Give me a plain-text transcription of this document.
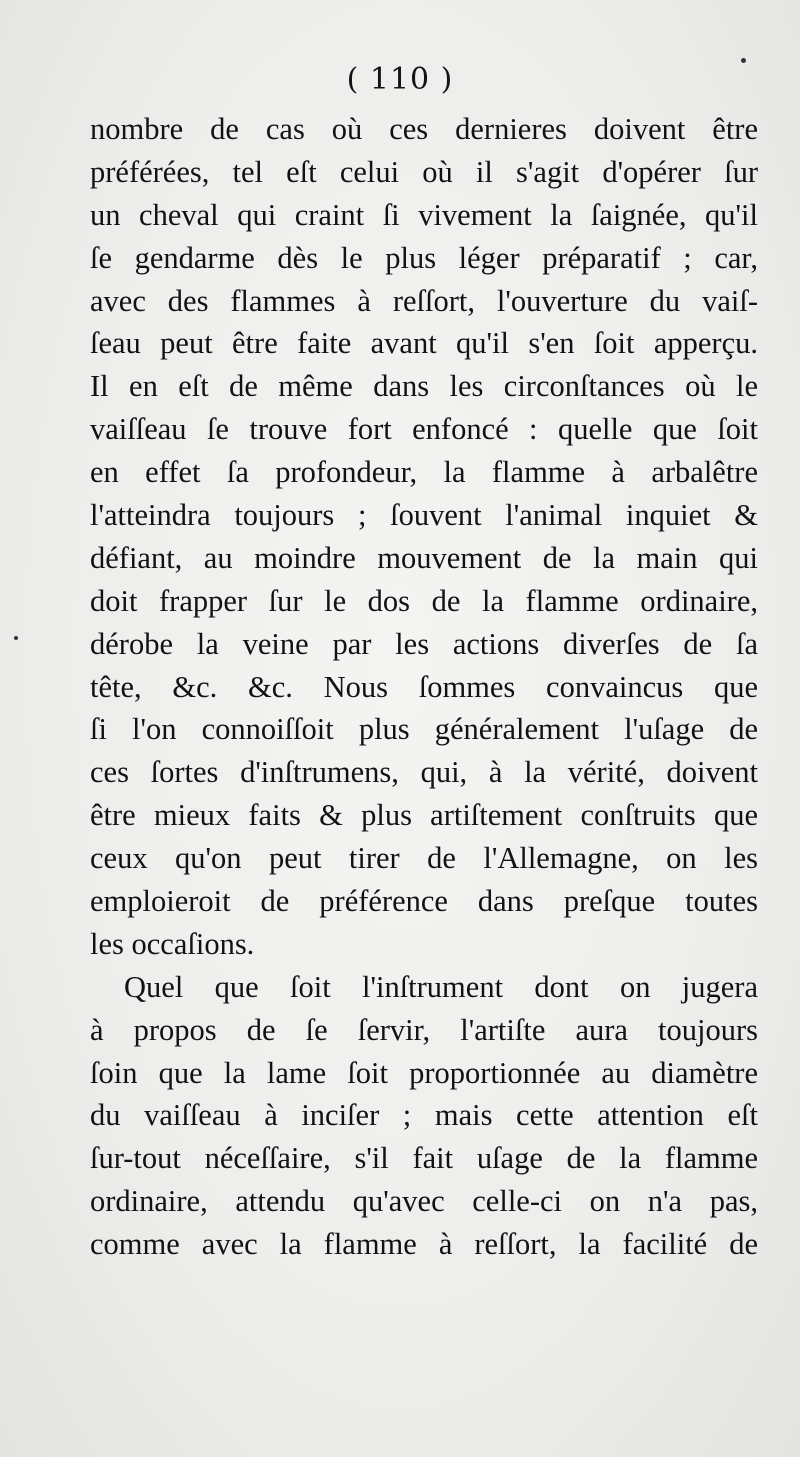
( 110 )
nombre de cas où ces dernieres doivent être
préférées, tel eſt celui où il s'agit d'opérer ſur
un cheval qui craint ſi vivement la ſaignée, qu'il
ſe gendarme dès le plus léger préparatif ; car,
avec des flammes à reſſort, l'ouverture du vaiſ-
ſeau peut être faite avant qu'il s'en ſoit apperçu.
Il en eſt de même dans les circonſtances où le
vaiſſeau ſe trouve fort enfoncé : quelle que ſoit
en effet ſa profondeur, la flamme à arbalêtre
l'atteindra toujours ; ſouvent l'animal inquiet &
défiant, au moindre mouvement de la main qui
doit frapper ſur le dos de la flamme ordinaire,
dérobe la veine par les actions diverſes de ſa
tête, &c. &c. Nous ſommes convaincus que
ſi l'on connoiſſoit plus généralement l'uſage de
ces ſortes d'inſtrumens, qui, à la vérité, doivent
être mieux faits & plus artiſtement conſtruits que
ceux qu'on peut tirer de l'Allemagne, on les
emploieroit de préférence dans preſque toutes
les occaſions.
Quel que ſoit l'inſtrument dont on jugera
à propos de ſe ſervir, l'artiſte aura toujours
ſoin que la lame ſoit proportionnée au diamètre
du vaiſſeau à inciſer ; mais cette attention eſt
ſur-tout néceſſaire, s'il fait uſage de la flamme
ordinaire, attendu qu'avec celle-ci on n'a pas,
comme avec la flamme à reſſort, la facilité de
